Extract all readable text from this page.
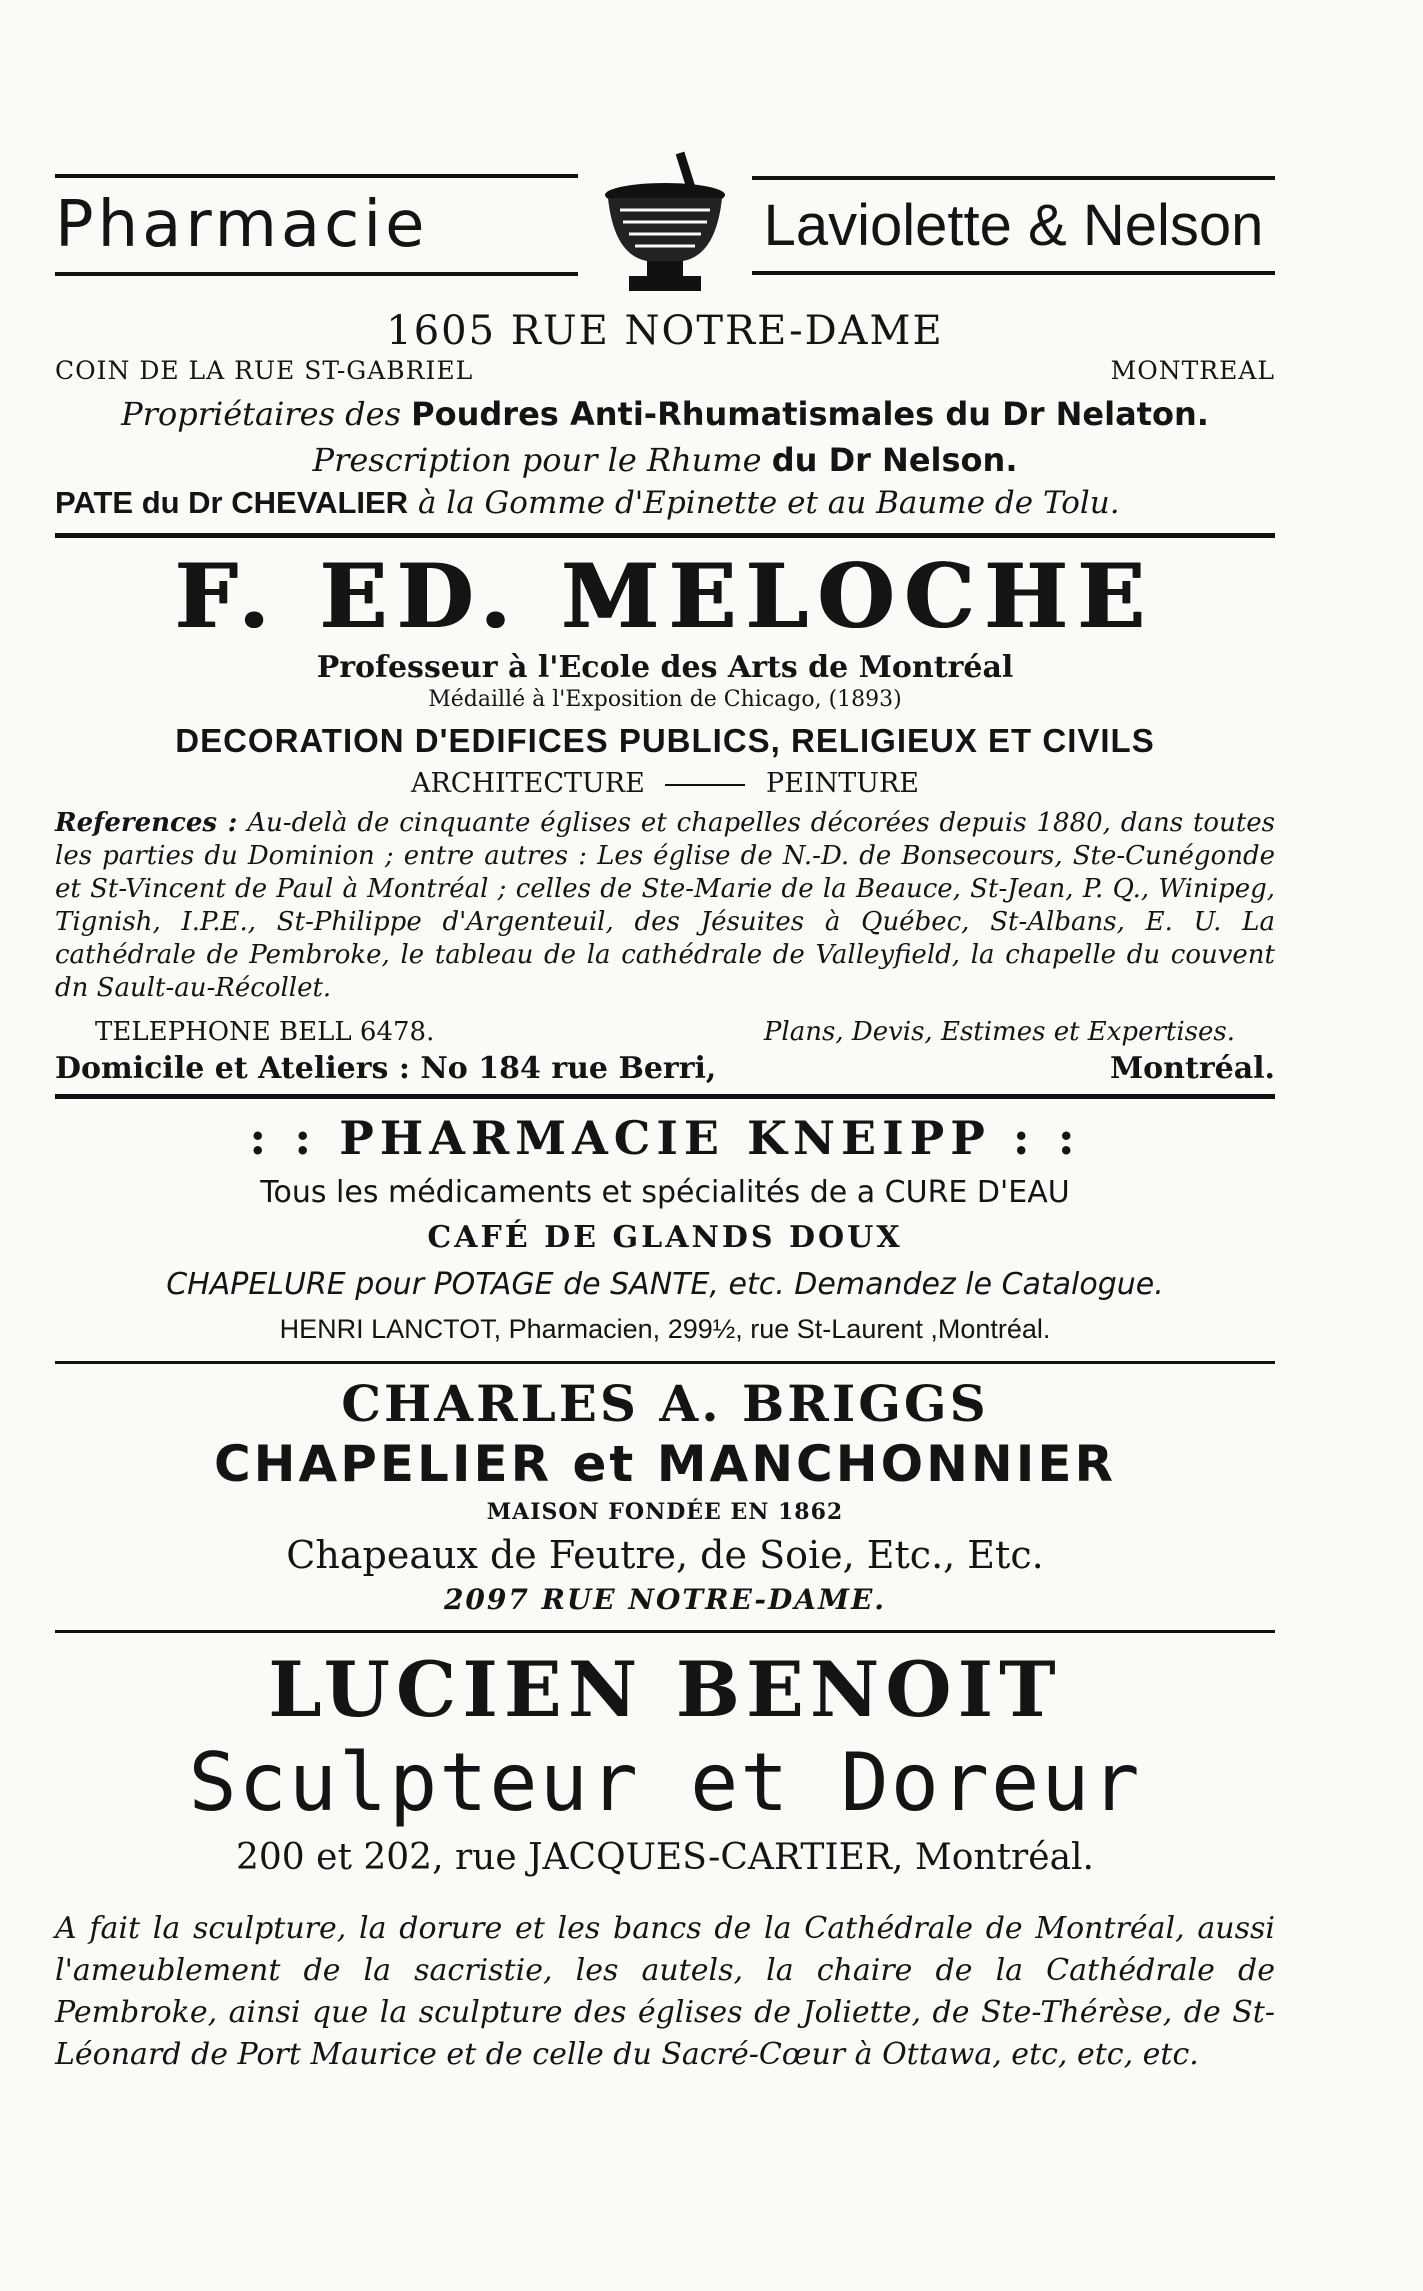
Pharmacie	Laviolette & Nelson
1605 RUE NOTRE-DAME
COIN DE LA RUE ST-GABRIEL	MONTREAL
Propriétaires des Poudres Anti-Rhumatismales du Dr Nelaton.
Prescription pour le Rhume du Dr Nelson.
PATE du Dr CHEVALIER à la Gomme d'Epinette et au Baume de Tolu.
F. ED. MELOCHE
Professeur à l'Ecole des Arts de Montréal
Médaillé à l'Exposition de Chicago, (1893)
DECORATION D'EDIFICES PUBLICS, RELIGIEUX ET CIVILS
ARCHITECTURE	PEINTURE
References : Au-delà de cinquante églises et chapelles décorées depuis 1880, dans toutes les parties du Dominion ; entre autres : Les église de N.-D. de Bonsecours, Ste-Cunégonde et St-Vincent de Paul à Montréal ; celles de Ste-Marie de la Beauce, St-Jean, P. Q., Winipeg, Tignish, I.P.E., St-Philippe d'Argenteuil, des Jésuites à Québec, St-Albans, E. U. La cathédrale de Pembroke, le tableau de la cathédrale de Valleyfield, la chapelle du couvent dn Sault-au-Récollet.
TELEPHONE BELL 6478.	Plans, Devis, Estimes et Expertises.
Domicile et Ateliers : No 184 rue Berri,	Montréal.
: : PHARMACIE KNEIPP : :
Tous les médicaments et spécialités de a CURE D'EAU
CAFÉ DE GLANDS DOUX
CHAPELURE pour POTAGE de SANTE, etc. Demandez le Catalogue.
HENRI LANCTOT, Pharmacien, 299½, rue St-Laurent ,Montréal.
CHARLES A. BRIGGS
CHAPELIER et MANCHONNIER
MAISON FONDÉE EN 1862
Chapeaux de Feutre, de Soie, Etc., Etc.
2097 RUE NOTRE-DAME.
LUCIEN BENOIT
Sculpteur et Doreur
200 et 202, rue JACQUES-CARTIER, Montréal.
A fait la sculpture, la dorure et les bancs de la Cathédrale de Montréal, aussi l'ameublement de la sacristie, les autels, la chaire de la Cathédrale de Pembroke, ainsi que la sculpture des églises de Joliette, de Ste-Thérèse, de St-Léonard de Port Maurice et de celle du Sacré-Cœur à Ottawa, etc, etc, etc.
